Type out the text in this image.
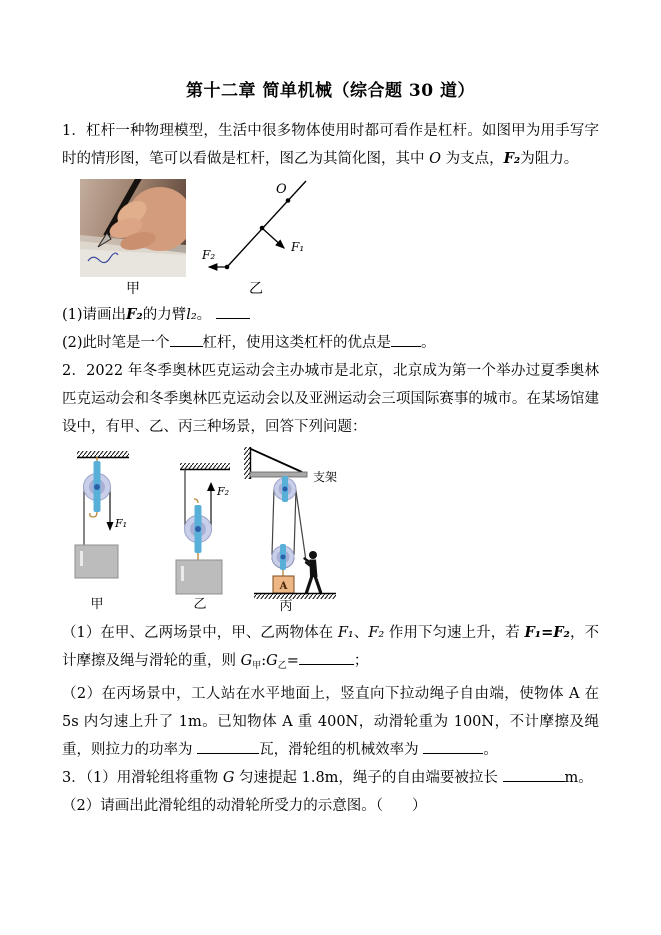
第十二章 简单机械（综合题 30 道）

1．杠杆一种物理模型，生活中很多物体使用时都可看作是杠杆。如图甲为用手写字时的情形图，笔可以看做是杠杆，图乙为其简化图，其中 O 为支点，F₂为阻力。

甲
O
F₁
F₂
乙

(1)请画出F₂的力臂l₂。

(2)此时笔是一个 杠杆，使用这类杠杆的优点是 。

2．2022 年冬季奥林匹克运动会主办城市是北京，北京成为第一个举办过夏季奥林匹克运动会和冬季奥林匹克运动会以及亚洲运动会三项国际赛事的城市。在某场馆建设中，有甲、乙、丙三种场景，回答下列问题：

F₁
甲
F₂
乙
支架
A
丙

（1）在甲、乙两场景中，甲、乙两物体在 F₁、F₂ 作用下匀速上升，若 F₁=F₂，不计摩擦及绳与滑轮的重，则 $G_甲:G_乙=$	；

（2）在丙场景中，工人站在水平地面上，竖直向下拉动绳子自由端，使物体 A 在 5s 内匀速上升了 1m。已知物体 A 重 400N，动滑轮重为 100N，不计摩擦及绳重，则拉力的功率为	瓦，滑轮组的机械效率为	。

3．（1）用滑轮组将重物 G 匀速提起 1.8m，绳子的自由端要被拉长	m。

（2）请画出此滑轮组的动滑轮所受力的示意图。（　　）
